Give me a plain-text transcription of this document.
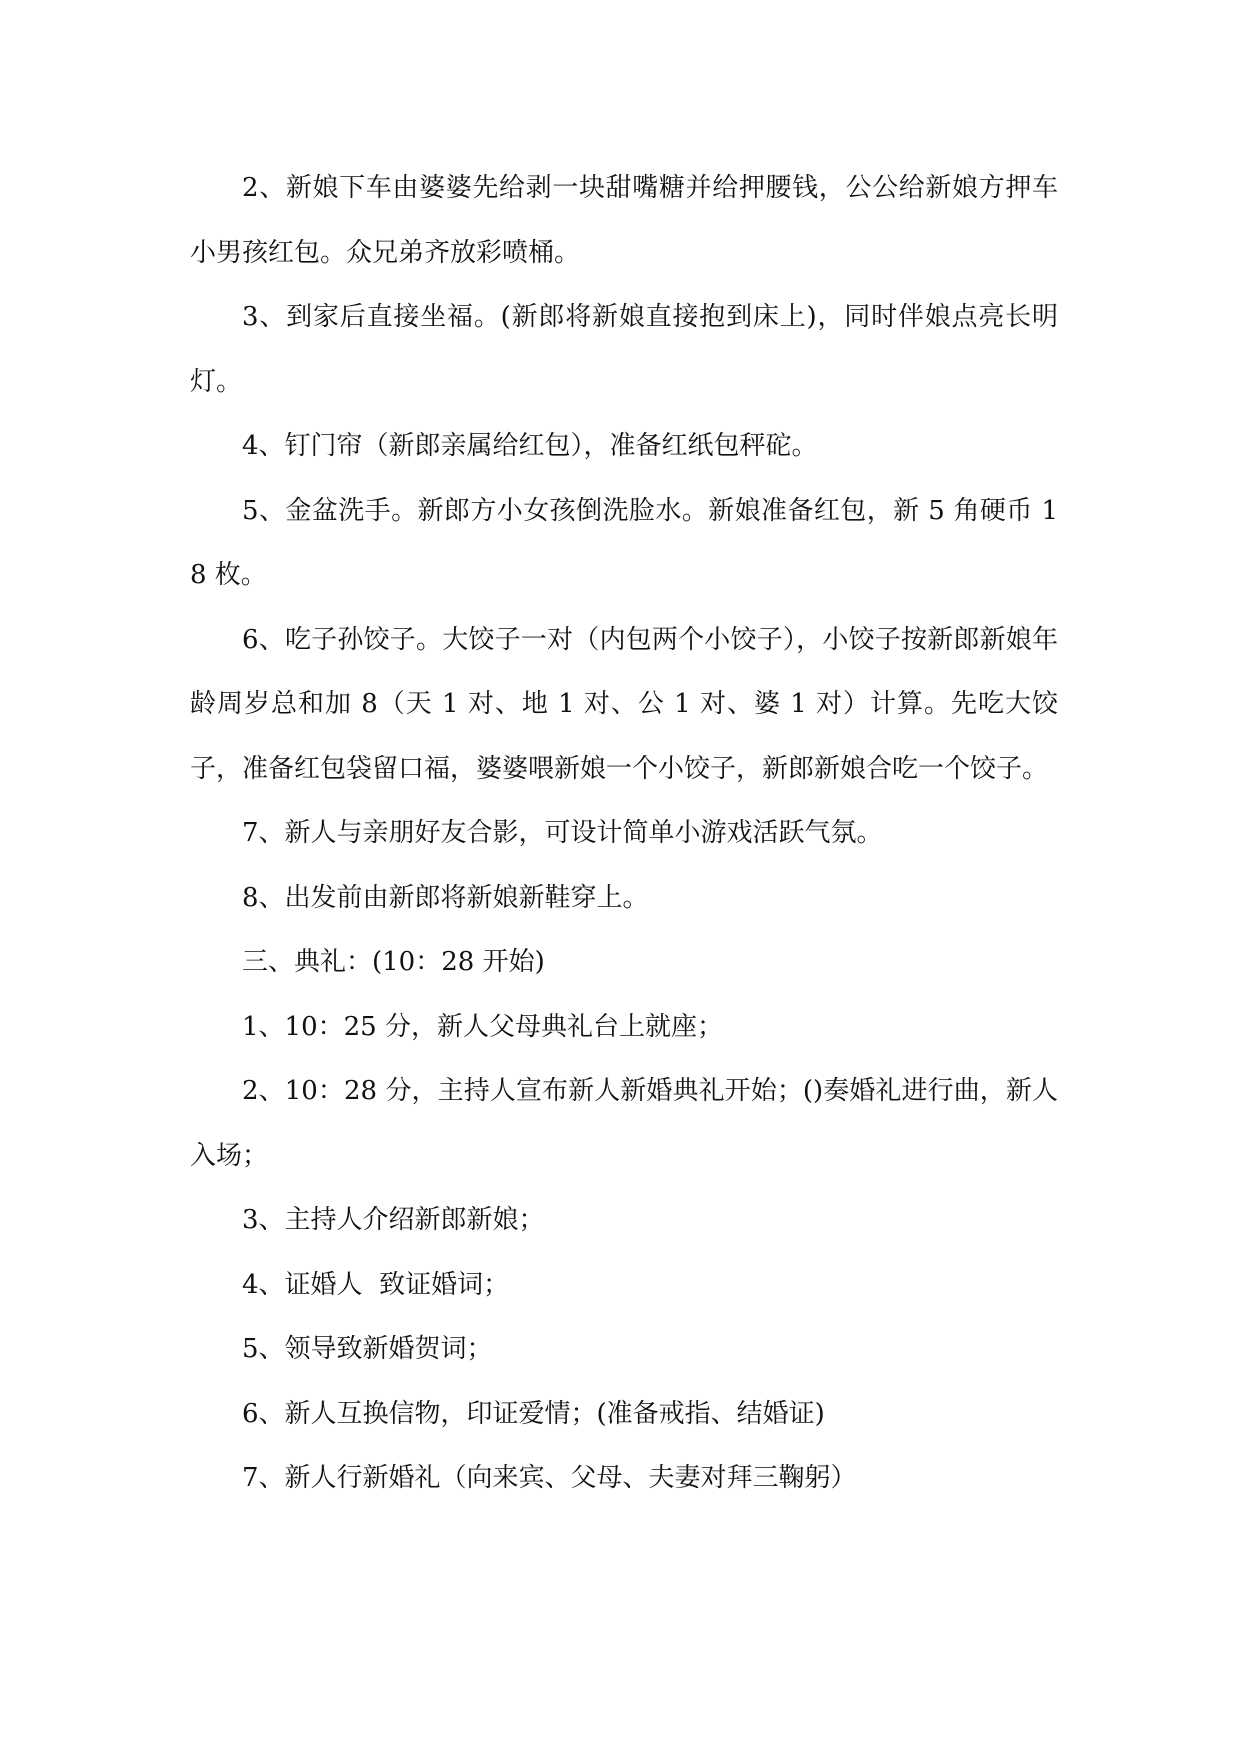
2、新娘下车由婆婆先给剥一块甜嘴糖并给押腰钱，公公给新娘方押车小男孩红包。众兄弟齐放彩喷桶。

3、到家后直接坐福。(新郎将新娘直接抱到床上)，同时伴娘点亮长明灯。

4、钉门帘（新郎亲属给红包），准备红纸包秤砣。

5、金盆洗手。新郎方小女孩倒洗脸水。新娘准备红包，新 5 角硬币 18 枚。

6、吃子孙饺子。大饺子一对（内包两个小饺子），小饺子按新郎新娘年龄周岁总和加 8（天 1 对、地 1 对、公 1 对、婆 1 对）计算。先吃大饺子，准备红包袋留口福，婆婆喂新娘一个小饺子，新郎新娘合吃一个饺子。

7、新人与亲朋好友合影，可设计简单小游戏活跃气氛。

8、出发前由新郎将新娘新鞋穿上。

三、典礼：(10：28 开始)

1、10：25 分，新人父母典礼台上就座；

2、10：28 分，主持人宣布新人新婚典礼开始；()奏婚礼进行曲，新人入场；

3、主持人介绍新郎新娘；

4、证婚人  致证婚词；

5、领导致新婚贺词；

6、新人互换信物，印证爱情；(准备戒指、结婚证)

7、新人行新婚礼（向来宾、父母、夫妻对拜三鞠躬）
